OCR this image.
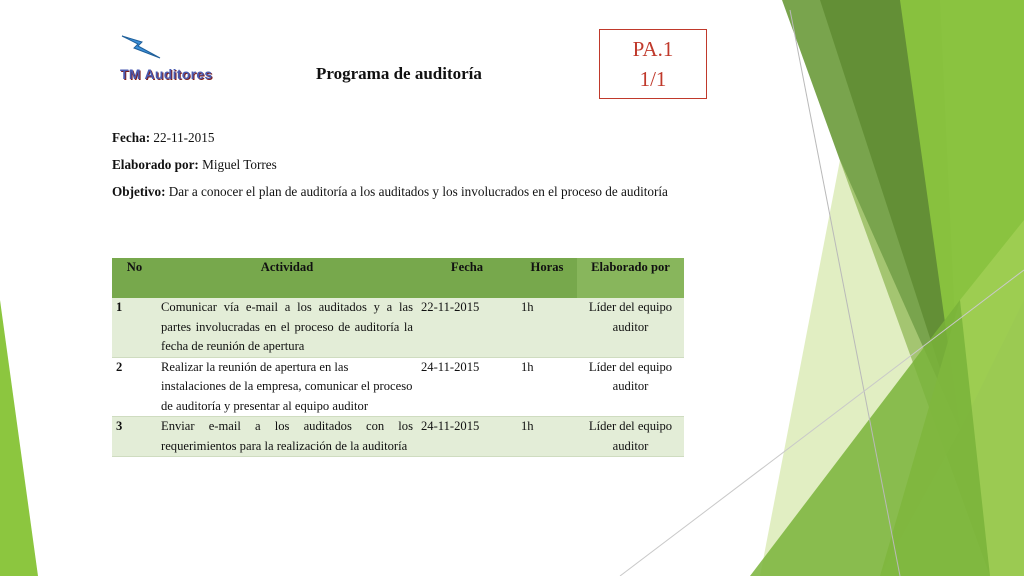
TM Auditores	Programa de auditoría
PA.1
1/1
Fecha: 22-11-2015
Elaborado por: Miguel Torres
Objetivo: Dar a conocer el plan de auditoría a los auditados y los involucrados en el proceso de auditoría
No	Actividad	Fecha	Horas	Elaborado por
1	Comunicar vía e-mail a los auditados y a las partes involucradas en el proceso de auditoría la fecha de reunión de apertura	22-11-2015	1h	Líder del equipo auditor
2	Realizar la reunión de apertura en las instalaciones de la empresa, comunicar el proceso de auditoría y presentar al equipo auditor	24-11-2015	1h	Líder del equipo auditor
3	Enviar e-mail a los auditados con los requerimientos para la realización de la auditoría	24-11-2015	1h	Líder del equipo auditor
